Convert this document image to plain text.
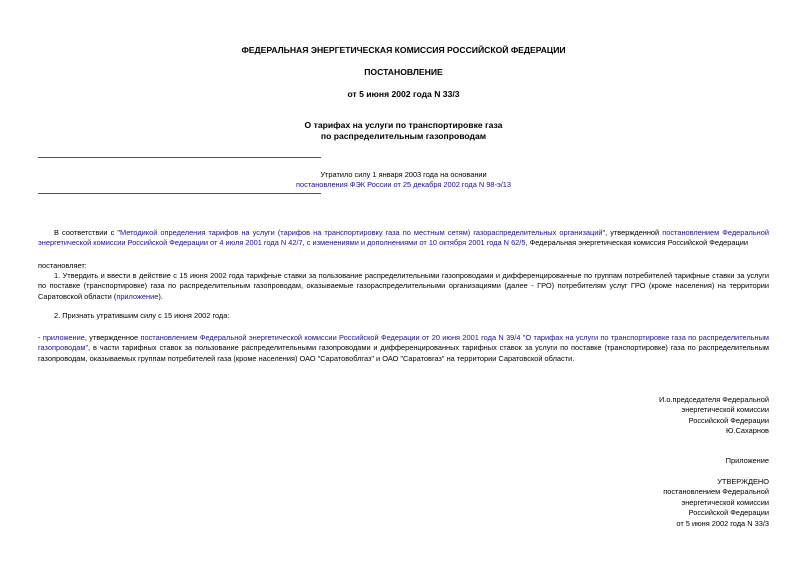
ФЕДЕРАЛЬНАЯ ЭНЕРГЕТИЧЕСКАЯ КОМИССИЯ РОССИЙСКОЙ ФЕДЕРАЦИИ
ПОСТАНОВЛЕНИЕ
от 5 июня 2002 года N 33/3
О тарифах на услуги по транспортировке газа
по распределительным газопроводам
Утратило силу 1 января 2003 года на основании
постановления ФЭК России от 25 декабря 2002 года N 98-э/13
В соответствии с "Методикой определения тарифов на услуги (тарифов на транспортировку газа по местным сетям) газораспределительных организаций", утвержденной постановлением Федеральной энергетической комиссии Российской Федерации от 4 июля 2001 года N 42/7, с изменениями и дополнениями от 10 октября 2001 года N 62/5, Федеральная энергетическая комиссия Российской Федерации
постановляет:
1. Утвердить и ввести в действие с 15 июня 2002 года тарифные ставки за пользование распределительными газопроводами и дифференцированные по группам потребителей тарифные ставки за услуги по поставке (транспортировке) газа по распределительным газопроводам, оказываемые газораспределительными организациями (далее - ГРО) потребителям услуг ГРО (кроме населения) на территории Саратовской области (приложение).
2. Признать утратившим силу с 15 июня 2002 года:
- приложение, утвержденное постановлением Федеральной энергетической комиссии Российской Федерации от 20 июня 2001 года N 39/4 "О тарифах на услуги по транспортировке газа по распределительным газопроводам", в части тарифных ставок за пользование распределительными газопроводами и дифференцированных тарифных ставок за услуги по поставке (транспортировке) газа по распределительным газопроводам, оказываемых группам потребителей газа (кроме населения) ОАО "Саратовоблгаз" и ОАО "Саратовгаз" на территории Саратовской области.
И.о.председателя Федеральной
энергетической комиссии
Российской Федерации
Ю.Сахарнов
Приложение
УТВЕРЖДЕНО
постановлением Федеральной
энергетической комиссии
Российской Федерации
от 5 июня 2002 года N 33/3
